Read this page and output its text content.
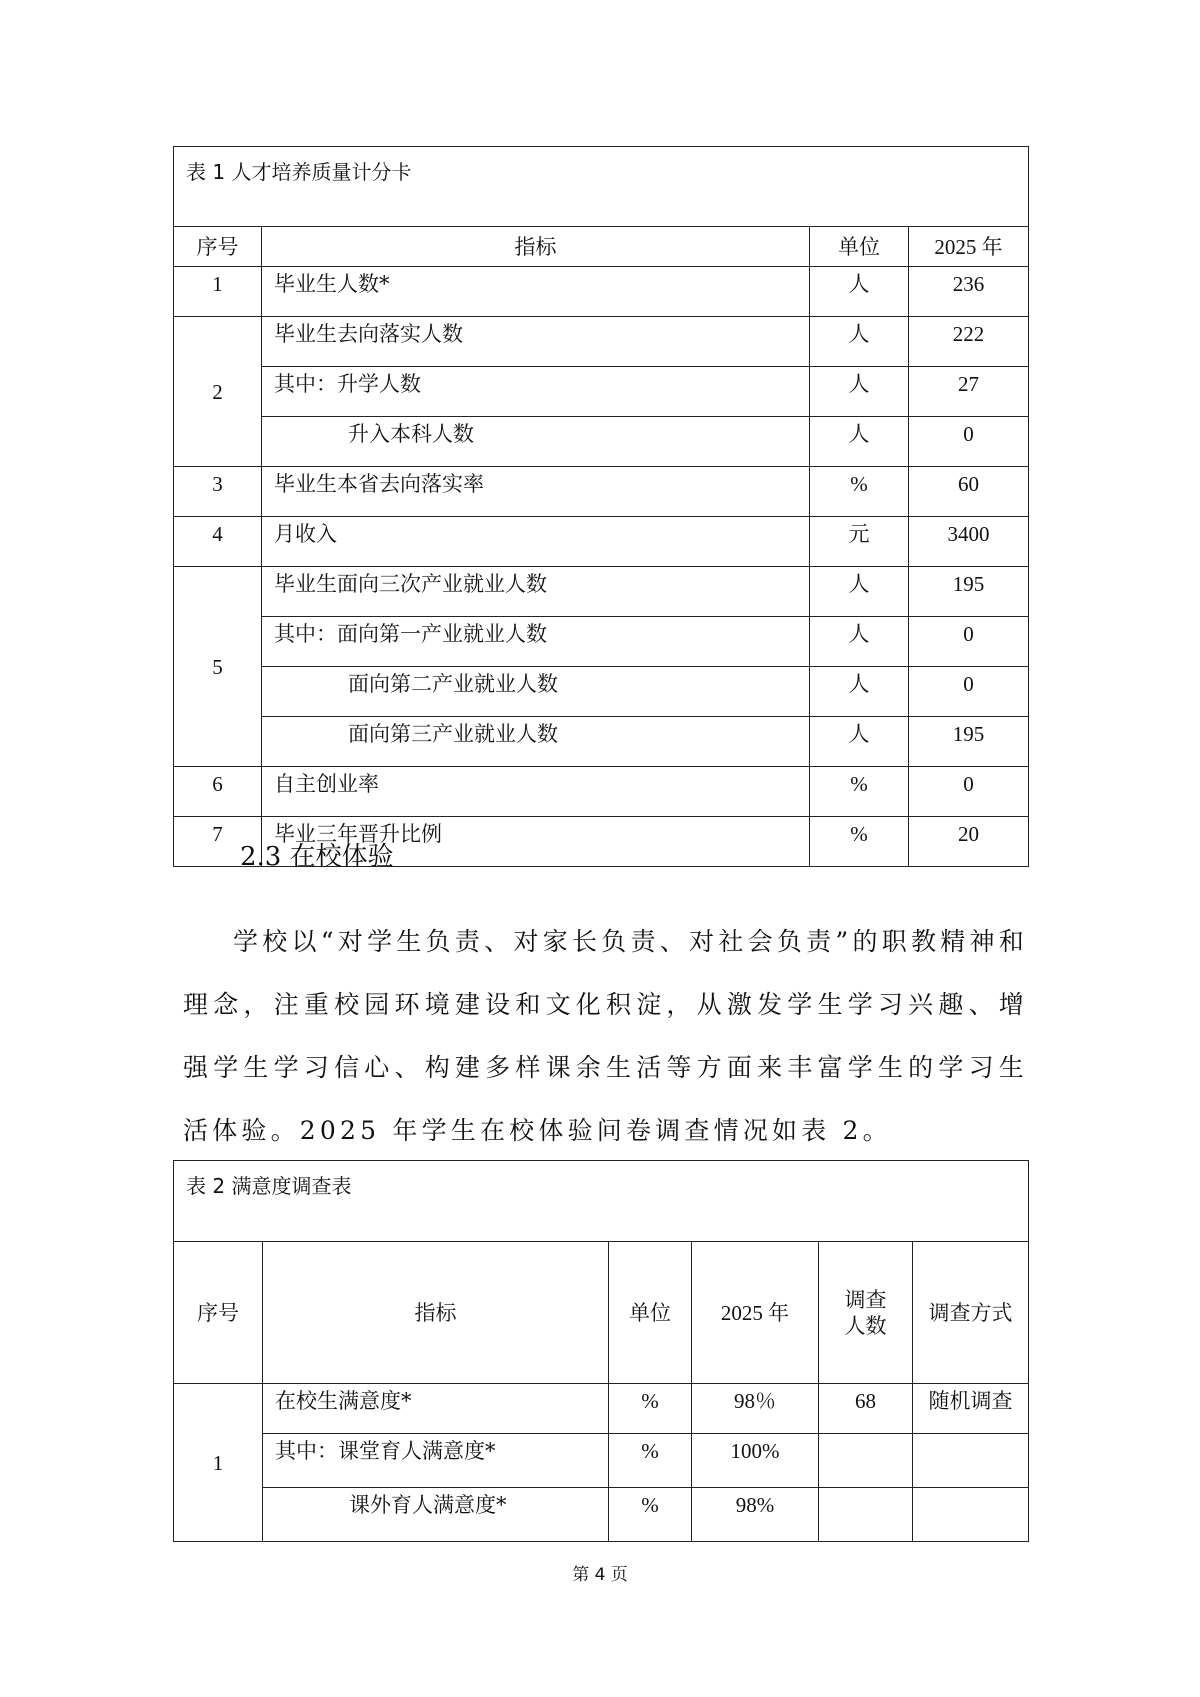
表 1 人才培养质量计分卡			
序号	指标	单位	2025 年
1	毕业生人数*	人	236
2	毕业生去向落实人数	人	222
	其中：升学人数	人	27
	升入本科人数	人	0
3	毕业生本省去向落实率	%	60
4	月收入	元	3400
5	毕业生面向三次产业就业人数	人	195
	其中：面向第一产业就业人数	人	0
	面向第二产业就业人数	人	0
	面向第三产业就业人数	人	195
6	自主创业率	%	0
7	毕业三年晋升比例	%	20
2.3 在校体验

学校以“对学生负责、对家长负责、对社会负责”的职教精神和理念，注重校园环境建设和文化积淀，从激发学生学习兴趣、增强学生学习信心、构建多样课余生活等方面来丰富学生的学习生活体验。2025 年学生在校体验问卷调查情况如表 2。

表 2 满意度调查表					
序号	指标	单位	2025 年	调查人数	调查方式
1	在校生满意度*	%	98％	68	随机调查
	其中：课堂育人满意度*	%	100%		
	课外育人满意度*	%	98%		
第 4 页
